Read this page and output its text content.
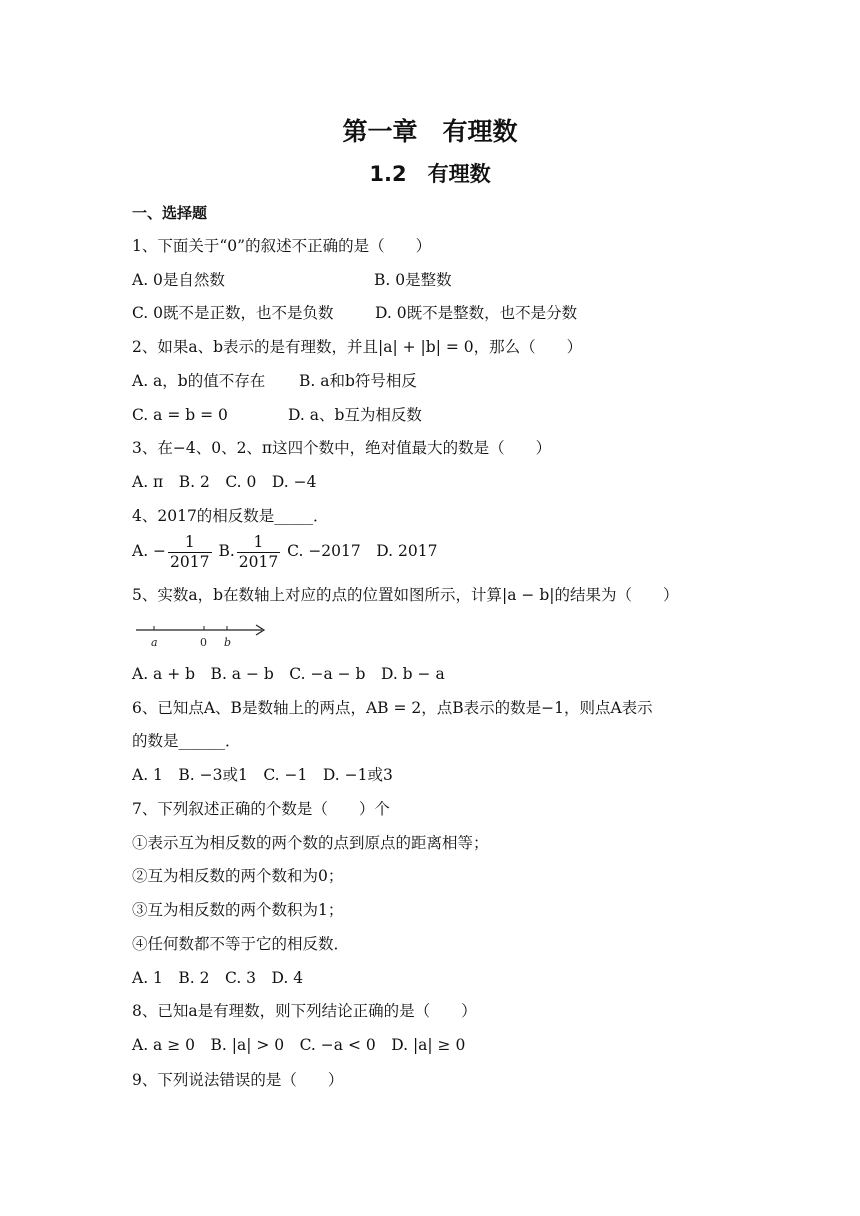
第一章　有理数
1.2　有理数
一、选择题
1、下面关于“0”的叙述不正确的是（　　）
A. 0是自然数	B. 0是整数
C. 0既不是正数，也不是负数	D. 0既不是整数，也不是分数
2、如果a、b表示的是有理数，并且|a| + |b| = 0，那么（　　）
A. a，b的值不存在 B. a和b符号相反
C. a = b = 0	D. a、b互为相反数
3、在−4、0、2、π这四个数中，绝对值最大的数是（　　）
A. π　B. 2　C. 0　D. −4
4、2017的相反数是_____．
A. − $\frac{1}{2017} B$. $\frac{1}{2017} C$. −2017　D. 2017
5、实数a，b在数轴上对应的点的位置如图所示，计算|a − b|的结果为（　　）
a	0 b
A. a + b　B. a − b　C. −a − b　D. b − a
6、已知点A、B是数轴上的两点，AB = 2，点B表示的数是−1，则点A表示
的数是______．
A. 1　B. −3或1　C. −1　D. −1或3
7、下列叙述正确的个数是（　　）个
①表示互为相反数的两个数的点到原点的距离相等；
②互为相反数的两个数和为0；
③互为相反数的两个数积为1；
④任何数都不等于它的相反数．
A. 1　B. 2　C. 3　D. 4
8、已知a是有理数，则下列结论正确的是（　　）
A. a ≥ 0　B. |a| > 0　C. −a < 0　D. |a| ≥ 0
9、下列说法错误的是（　　）
